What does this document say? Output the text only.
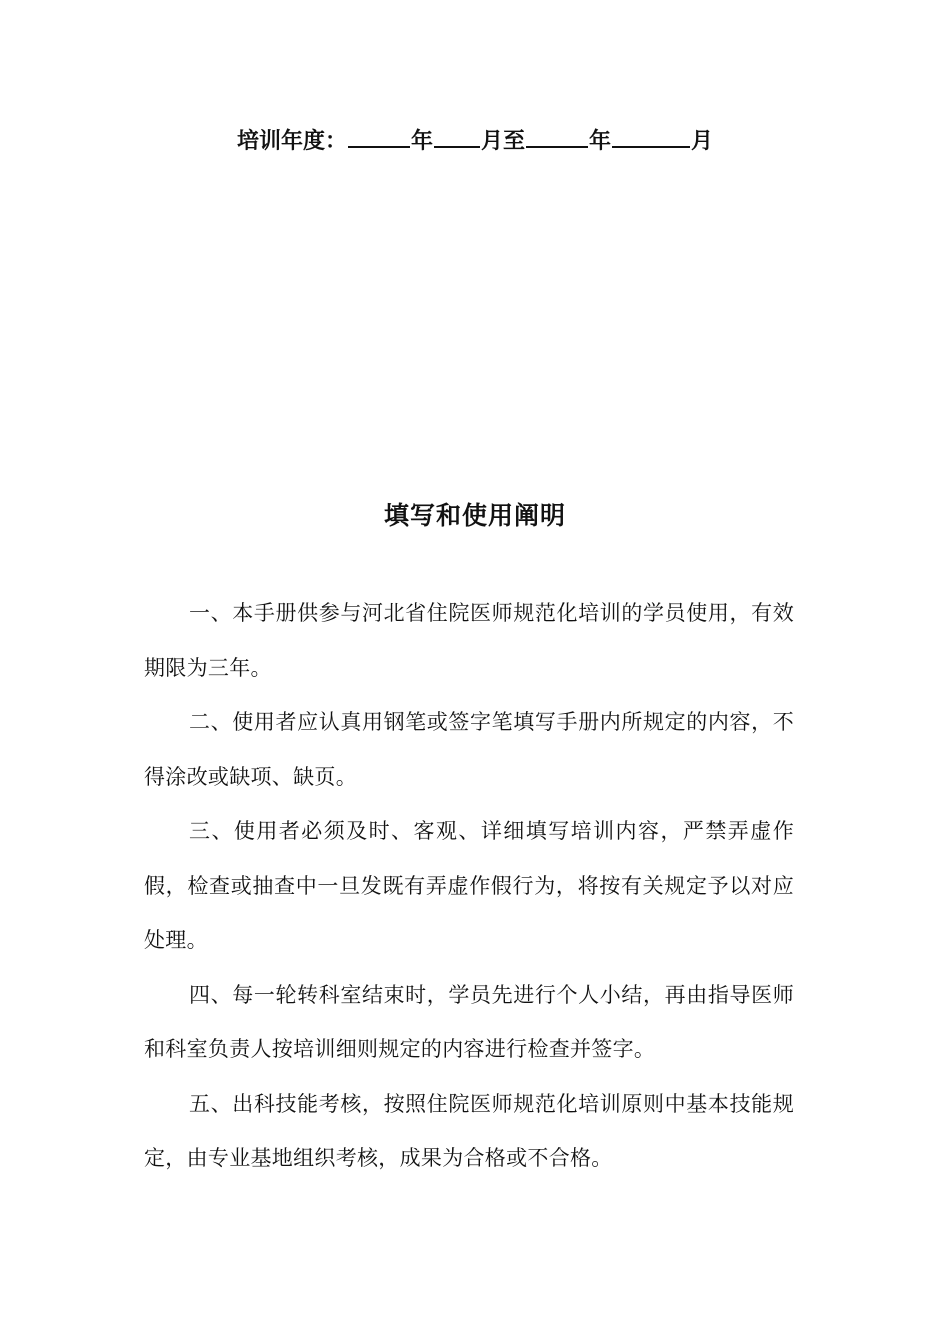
培训年度：	年 月至	年	月
填写和使用阐明

一、本手册供参与河北省住院医师规范化培训的学员使用，有效期限为三年。

二、使用者应认真用钢笔或签字笔填写手册内所规定的内容，不得涂改或缺项、缺页。

三、使用者必须及时、客观、详细填写培训内容，严禁弄虚作假，检查或抽查中一旦发既有弄虚作假行为，将按有关规定予以对应处理。

四、每一轮转科室结束时，学员先进行个人小结，再由指导医师和科室负责人按培训细则规定的内容进行检查并签字。

五、出科技能考核，按照住院医师规范化培训原则中基本技能规定，由专业基地组织考核，成果为合格或不合格。
